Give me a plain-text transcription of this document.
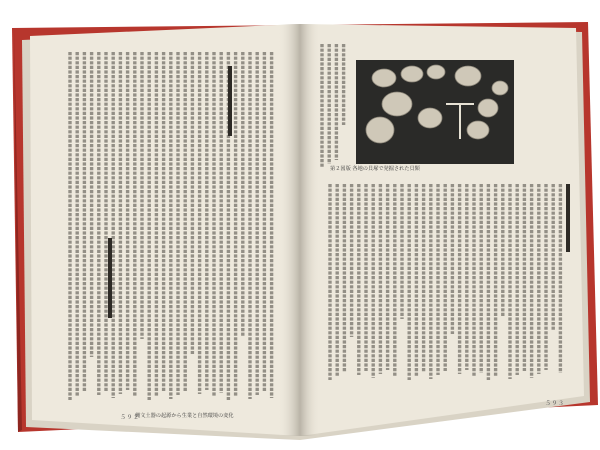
５９２
縄文土器の起源から生業と自然環境の変化
５９３
第２図版 各地の貝塚で発掘された貝類
